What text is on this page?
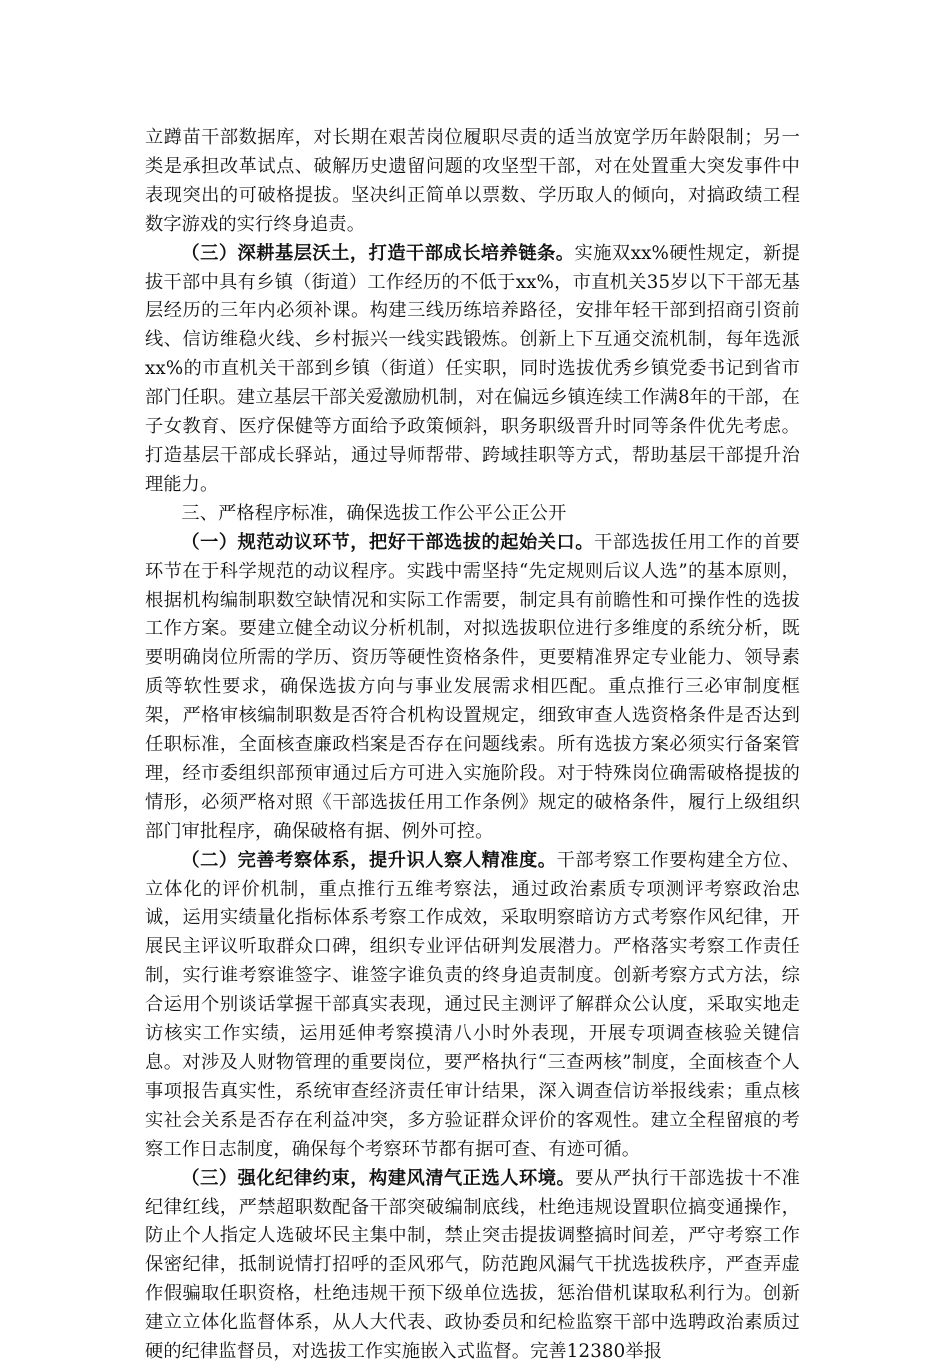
立蹲苗干部数据库，对长期在艰苦岗位履职尽责的适当放宽学历年龄限制；另一类是承担改革试点、破解历史遗留问题的攻坚型干部，对在处置重大突发事件中表现突出的可破格提拔。坚决纠正简单以票数、学历取人的倾向，对搞政绩工程数字游戏的实行终身追责。

（三）深耕基层沃土，打造干部成长培养链条。实施双xx%硬性规定，新提拔干部中具有乡镇（街道）工作经历的不低于xx%，市直机关35岁以下干部无基层经历的三年内必须补课。构建三线历练培养路径，安排年轻干部到招商引资前线、信访维稳火线、乡村振兴一线实践锻炼。创新上下互通交流机制，每年选派xx%的市直机关干部到乡镇（街道）任实职，同时选拔优秀乡镇党委书记到省市部门任职。建立基层干部关爱激励机制，对在偏远乡镇连续工作满8年的干部，在子女教育、医疗保健等方面给予政策倾斜，职务职级晋升时同等条件优先考虑。打造基层干部成长驿站，通过导师帮带、跨域挂职等方式，帮助基层干部提升治理能力。

三、严格程序标准，确保选拔工作公平公正公开

（一）规范动议环节，把好干部选拔的起始关口。干部选拔任用工作的首要环节在于科学规范的动议程序。实践中需坚持“先定规则后议人选”的基本原则，根据机构编制职数空缺情况和实际工作需要，制定具有前瞻性和可操作性的选拔工作方案。要建立健全动议分析机制，对拟选拔职位进行多维度的系统分析，既要明确岗位所需的学历、资历等硬性资格条件，更要精准界定专业能力、领导素质等软性要求，确保选拔方向与事业发展需求相匹配。重点推行三必审制度框架，严格审核编制职数是否符合机构设置规定，细致审查人选资格条件是否达到任职标准，全面核查廉政档案是否存在问题线索。所有选拔方案必须实行备案管理，经市委组织部预审通过后方可进入实施阶段。对于特殊岗位确需破格提拔的情形，必须严格对照《干部选拔任用工作条例》规定的破格条件，履行上级组织部门审批程序，确保破格有据、例外可控。

（二）完善考察体系，提升识人察人精准度。干部考察工作要构建全方位、立体化的评价机制，重点推行五维考察法，通过政治素质专项测评考察政治忠诚，运用实绩量化指标体系考察工作成效，采取明察暗访方式考察作风纪律，开展民主评议听取群众口碑，组织专业评估研判发展潜力。严格落实考察工作责任制，实行谁考察谁签字、谁签字谁负责的终身追责制度。创新考察方式方法，综合运用个别谈话掌握干部真实表现，通过民主测评了解群众公认度，采取实地走访核实工作实绩，运用延伸考察摸清八小时外表现，开展专项调查核验关键信息。对涉及人财物管理的重要岗位，要严格执行“三查两核”制度，全面核查个人事项报告真实性，系统审查经济责任审计结果，深入调查信访举报线索；重点核实社会关系是否存在利益冲突，多方验证群众评价的客观性。建立全程留痕的考察工作日志制度，确保每个考察环节都有据可查、有迹可循。

（三）强化纪律约束，构建风清气正选人环境。要从严执行干部选拔十不准纪律红线，严禁超职数配备干部突破编制底线，杜绝违规设置职位搞变通操作，防止个人指定人选破坏民主集中制，禁止突击提拔调整搞时间差，严守考察工作保密纪律，抵制说情打招呼的歪风邪气，防范跑风漏气干扰选拔秩序，严查弄虚作假骗取任职资格，杜绝违规干预下级单位选拔，惩治借机谋取私利行为。创新建立立体化监督体系，从人大代表、政协委员和纪检监察干部中选聘政治素质过硬的纪律监督员，对选拔工作实施嵌入式监督。完善12380举报
